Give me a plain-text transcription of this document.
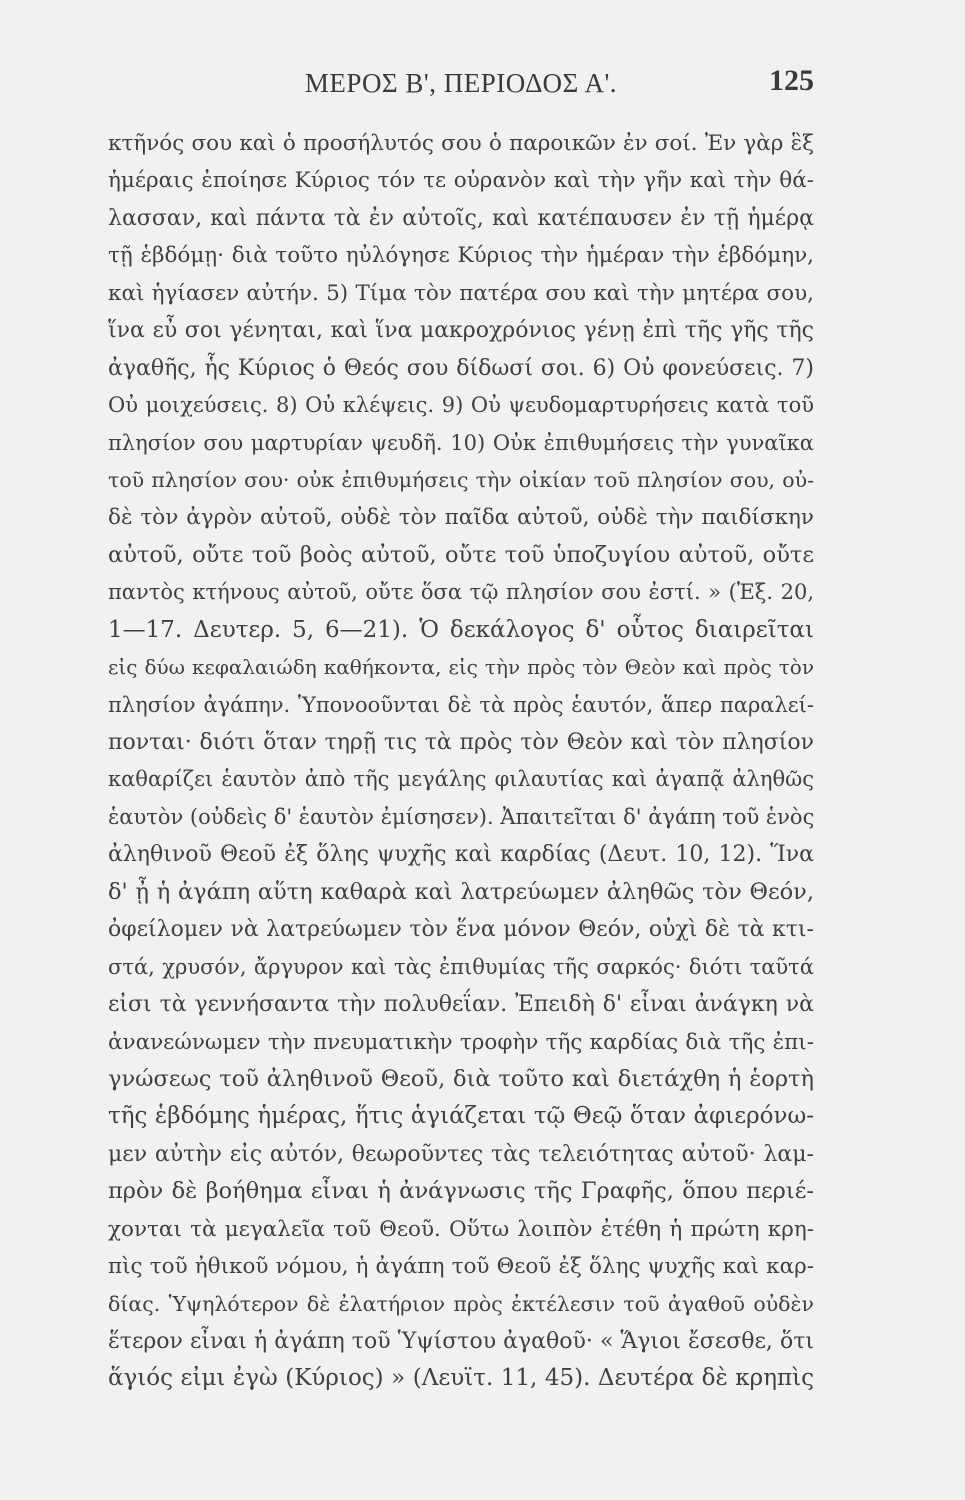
ΜΕΡΟΣ Β', ΠΕΡΙΟΔΟΣ Α'.	125
κτῆνός σου καὶ ὁ προσήλυτός σου ὁ παροικῶν ἐν σοί. Ἐν γὰρ ἓξ
ἡμέραις ἐποίησε Κύριος τόν τε οὐρανὸν καὶ τὴν γῆν καὶ τὴν θά-
λασσαν, καὶ πάντα τὰ ἐν αὐτοῖς, καὶ κατέπαυσεν ἐν τῇ ἡμέρᾳ
τῇ ἑβδόμῃ· διὰ τοῦτο ηὐλόγησε Κύριος τὴν ἡμέραν τὴν ἑβδόμην,
καὶ ἡγίασεν αὐτήν. 5) Τίμα τὸν πατέρα σου καὶ τὴν μητέρα σου,
ἵνα εὖ σοι γένηται, καὶ ἵνα μακροχρόνιος γένῃ ἐπὶ τῆς γῆς τῆς
ἀγαθῆς, ἧς Κύριος ὁ Θεός σου δίδωσί σοι. 6) Οὐ φονεύσεις. 7)
Οὐ μοιχεύσεις. 8) Οὐ κλέψεις. 9) Οὐ ψευδομαρτυρήσεις κατὰ τοῦ
πλησίον σου μαρτυρίαν ψευδῆ. 10) Οὐκ ἐπιθυμήσεις τὴν γυναῖκα
τοῦ πλησίον σου· οὐκ ἐπιθυμήσεις τὴν οἰκίαν τοῦ πλησίον σου, οὐ-
δὲ τὸν ἀγρὸν αὐτοῦ, οὐδὲ τὸν παῖδα αὐτοῦ, οὐδὲ τὴν παιδίσκην
αὐτοῦ, οὔτε τοῦ βοὸς αὐτοῦ, οὔτε τοῦ ὑποζυγίου αὐτοῦ, οὔτε
παντὸς κτήνους αὐτοῦ, οὔτε ὅσα τῷ πλησίον σου ἐστί. » (Ἐξ. 20,
1—17. Δευτερ. 5, 6—21). Ὁ δεκάλογος δ' οὗτος διαιρεῖται
εἰς δύω κεφαλαιώδη καθήκοντα, εἰς τὴν πρὸς τὸν Θεὸν καὶ πρὸς τὸν
πλησίον ἀγάπην. Ὑπονοοῦνται δὲ τὰ πρὸς ἑαυτόν, ἅπερ παραλεί-
πονται· διότι ὅταν τηρῇ τις τὰ πρὸς τὸν Θεὸν καὶ τὸν πλησίον
καθαρίζει ἑαυτὸν ἀπὸ τῆς μεγάλης φιλαυτίας καὶ ἀγαπᾷ ἀληθῶς
ἑαυτὸν (οὐδεὶς δ' ἑαυτὸν ἐμίσησεν). Ἀπαιτεῖται δ' ἀγάπη τοῦ ἑνὸς
ἀληθινοῦ Θεοῦ ἐξ ὅλης ψυχῆς καὶ καρδίας (Δευτ. 10, 12). Ἵνα
δ' ᾖ ἡ ἀγάπη αὕτη καθαρὰ καὶ λατρεύωμεν ἀληθῶς τὸν Θεόν,
ὀφείλομεν νὰ λατρεύωμεν τὸν ἕνα μόνον Θεόν, οὐχὶ δὲ τὰ κτι-
στά, χρυσόν, ἄργυρον καὶ τὰς ἐπιθυμίας τῆς σαρκός· διότι ταῦτά
εἰσι τὰ γεννήσαντα τὴν πολυθεΐαν. Ἐπειδὴ δ' εἶναι ἀνάγκη νὰ
ἀνανεώνωμεν τὴν πνευματικὴν τροφὴν τῆς καρδίας διὰ τῆς ἐπι-
γνώσεως τοῦ ἀληθινοῦ Θεοῦ, διὰ τοῦτο καὶ διετάχθη ἡ ἑορτὴ
τῆς ἑβδόμης ἡμέρας, ἥτις ἁγιάζεται τῷ Θεῷ ὅταν ἀφιερόνω-
μεν αὐτὴν εἰς αὐτόν, θεωροῦντες τὰς τελειότητας αὐτοῦ· λαμ-
πρὸν δὲ βοήθημα εἶναι ἡ ἀνάγνωσις τῆς Γραφῆς, ὅπου περιέ-
χονται τὰ μεγαλεῖα τοῦ Θεοῦ. Οὕτω λοιπὸν ἐτέθη ἡ πρώτη κρη-
πὶς τοῦ ἠθικοῦ νόμου, ἡ ἀγάπη τοῦ Θεοῦ ἐξ ὅλης ψυχῆς καὶ καρ-
δίας. Ὑψηλότερον δὲ ἐλατήριον πρὸς ἐκτέλεσιν τοῦ ἀγαθοῦ οὐδὲν
ἕτερον εἶναι ἡ ἀγάπη τοῦ Ὑψίστου ἀγαθοῦ· « Ἅγιοι ἔσεσθε, ὅτι
ἅγιός εἰμι ἐγὼ (Κύριος) » (Λευϊτ. 11, 45). Δευτέρα δὲ κρηπὶς
